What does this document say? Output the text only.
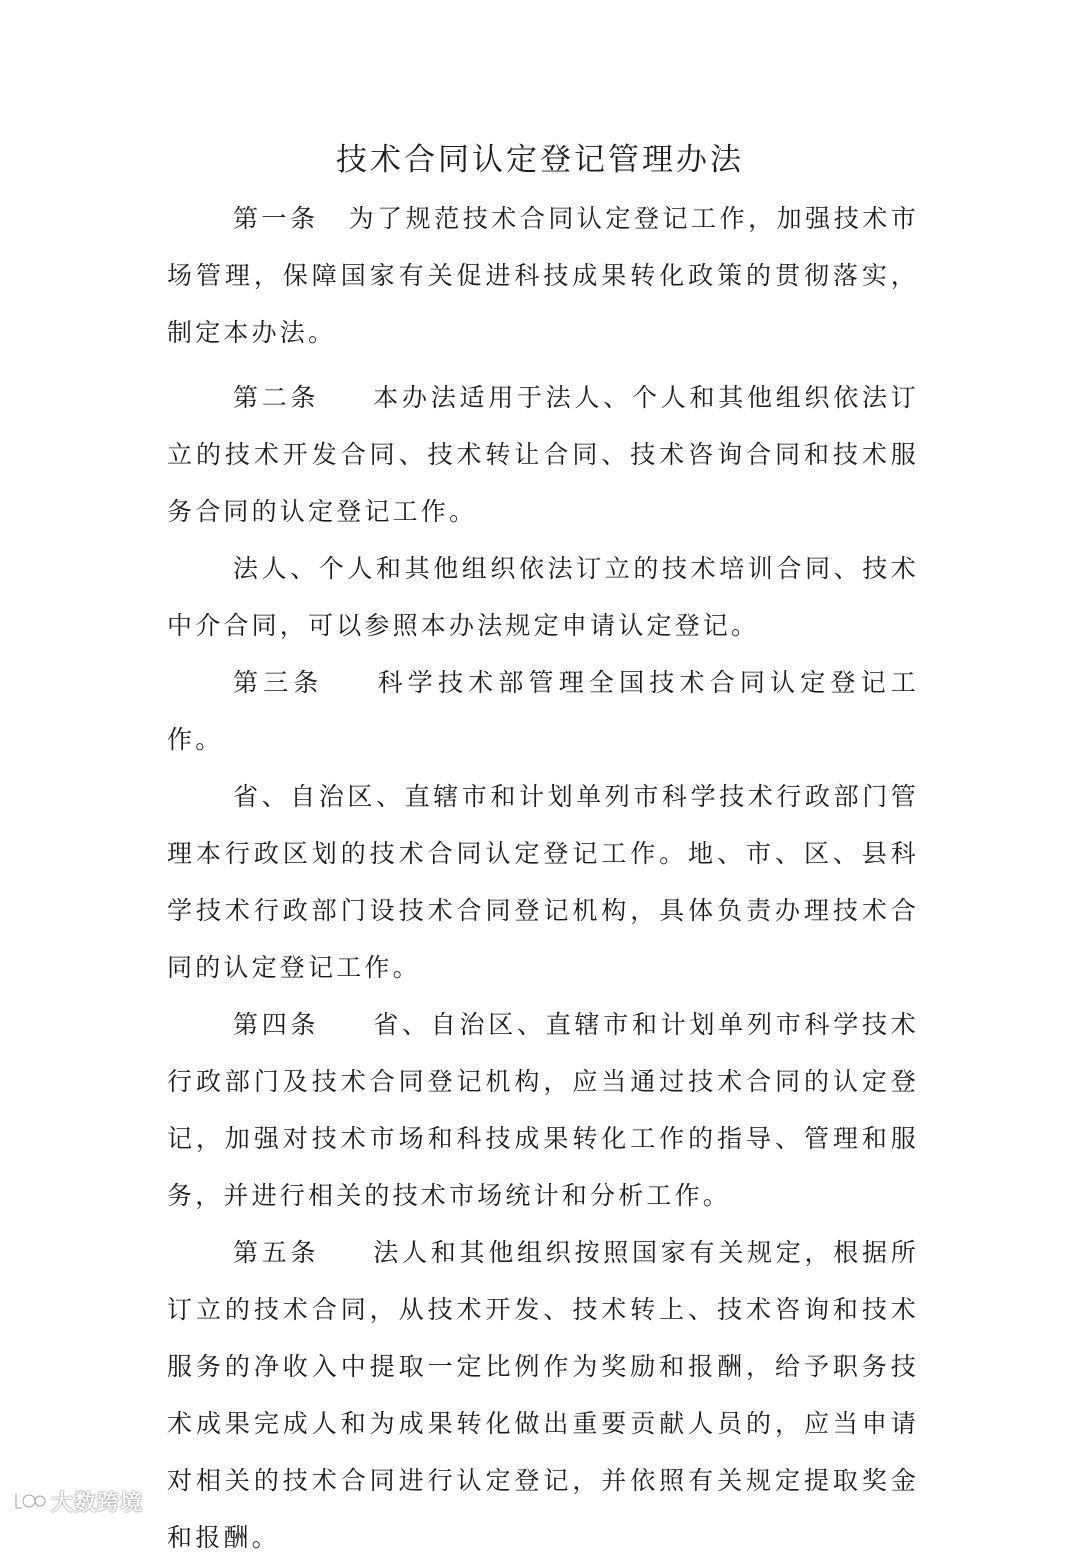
技术合同认定登记管理办法

第一条 为了规范技术合同认定登记工作，加强技术市场管理，保障国家有关促进科技成果转化政策的贯彻落实，制定本办法。

第二条 本办法适用于法人、个人和其他组织依法订立的技术开发合同、技术转让合同、技术咨询合同和技术服务合同的认定登记工作。

法人、个人和其他组织依法订立的技术培训合同、技术中介合同，可以参照本办法规定申请认定登记。

第三条 科学技术部管理全国技术合同认定登记工作。

省、自治区、直辖市和计划单列市科学技术行政部门管理本行政区划的技术合同认定登记工作。地、市、区、县科学技术行政部门设技术合同登记机构，具体负责办理技术合同的认定登记工作。

第四条 省、自治区、直辖市和计划单列市科学技术行政部门及技术合同登记机构，应当通过技术合同的认定登记，加强对技术市场和科技成果转化工作的指导、管理和服务，并进行相关的技术市场统计和分析工作。

第五条 法人和其他组织按照国家有关规定，根据所订立的技术合同，从技术开发、技术转上、技术咨询和技术服务的净收入中提取一定比例作为奖励和报酬，给予职务技术成果完成人和为成果转化做出重要贡献人员的，应当申请对相关的技术合同进行认定登记，并依照有关规定提取奖金和报酬。

大数跨境
